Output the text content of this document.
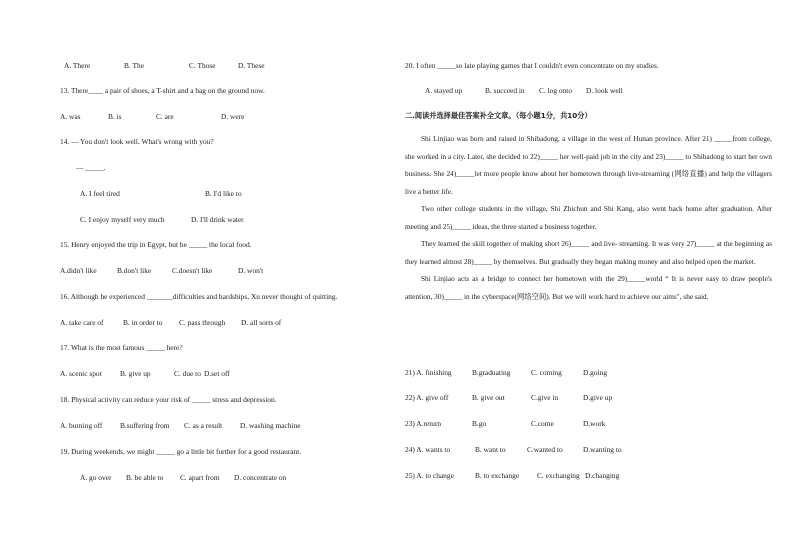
A. There	B. The	C. Those	D. These
13. There____ a pair of shoes, a T-shirt and a bag on the ground now.
A. was	B. is	C. are	D. were
14. — You don't look well. What's wrong with you?
— _____.
A. I feel tired	B. I'd like to
C. I enjoy myself very much	D. I'll drink water
15. Henry enjoyed the trip in Egypt, but he _____ the local food.
A.didn't like	B.don't like	C.doesn't like	D. won't
16. Although he experienced _______difficulties and hardships, Xu never thought of quitting.
A. take care of	B. in order to C. pass through D. all sorts of
17. What is the most famous _____ here?
A. scenic spot B. give up	C. due to D.set off
18. Physical activity can reduce your risk of _____ stress and depression.
A. burning off B.suffering from C. as a result D. washing machine
19. During weekends, we might _____ go a little bit further for a good restaurant.
A. go over B. be able to C. apart from D. concentrate on
20. I often _____so late playing games that I couldn't even concentrate on my studies.
A. stayed up	B. succeed in C. log onto D. look well
二.阅读并选择最佳答案补全文章。（每小题1分，共10分）

Shi Linjiao was born and raised in Shibadong, a village in the west of Hunan province. After 21) _____from college, she worked in a city. Later, she decided to 22)_____ her well-paid job in the city and 23)_____ to Shibadong to start her own business. She 24)_____let more people know about her hometown through live-streaming (网络直播) and help the villagers live a better life.

Two other college students in the village, Shi Zhichun and Shi Kang, also went back home after graduation. After meeting and 25)_____ ideas, the three started a business together.

They learned the skill together of making short 26)_____ and live- streaming. It was very 27)_____ at the beginning as they learned almost 28)_____ by themselves. But gradually they began making money and also helped open the market.

Shi Linjiao acts as a bridge to connect her hometown with the 29)_____world “ It is never easy to draw people's attention, 30)_____ in the cyberspace(网络空间). But we will work hard to achieve our aims", she said.

21) A. finishing	B.graduating	C. coming	D.going
22) A. give off	B. give out	C.give in	D.give up
23) A.return	B.go	C.come	D.work
24) A. wants to	B. want to	C.wanted to	D.wanting to
25) A. to change	B. to exchange C. exchanging D.changing
